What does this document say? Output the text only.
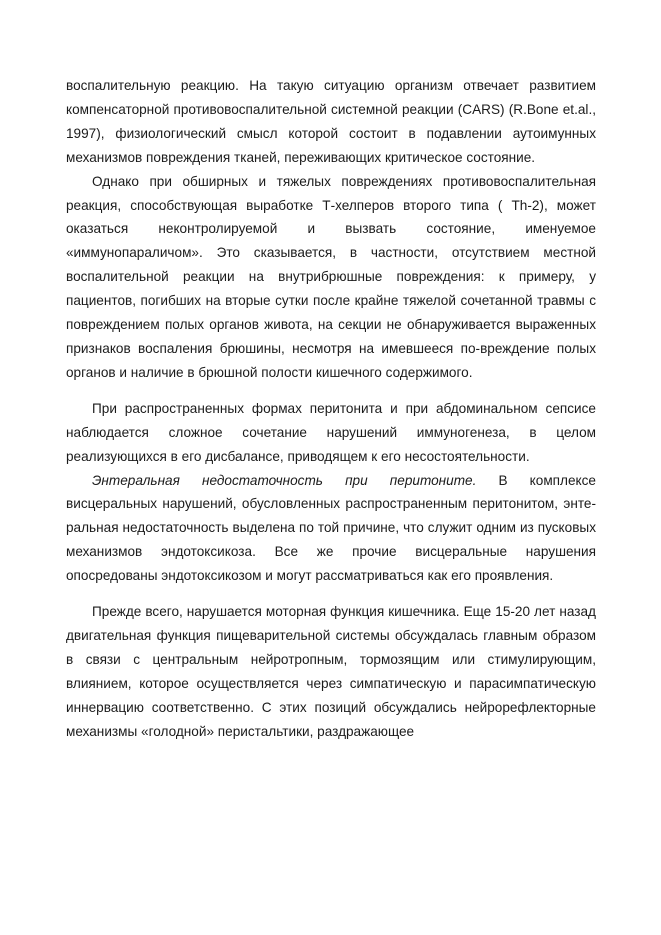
воспалительную реакцию. На такую ситуацию организм отвечает развитием компенсаторной противовоспалительной системной реакции (CARS) (R.Bone et.al., 1997), физиологический смысл которой состоит в подавлении аутоимунных механизмов повреждения тканей, переживающих критическое состояние.

Однако при обширных и тяжелых повреждениях противовоспалительная реакция, способствующая выработке Т-хелперов второго типа ( Th-2), может оказаться неконтролируемой и вызвать состояние, именуемое «иммунопараличом». Это сказывается, в частности, отсутствием местной воспалительной реакции на внутрибрюшные повреждения: к примеру, у пациентов, погибших на вторые сутки после крайне тяжелой сочетанной травмы с повреждением полых органов живота, на секции не обнаруживается выраженных признаков воспаления брюшины, несмотря на имевшееся по-вреждение полых органов и наличие в брюшной полости кишечного содержимого.

При распространенных формах перитонита и при абдоминальном сепсисе наблюдается сложное сочетание нарушений иммуногенеза, в целом реализующихся в его дисбалансе, приводящем к его несостоятельности.

Энтеральная недостаточность при перитоните. В комплексе висцеральных нарушений, обусловленных распространенным перитонитом, энте-ральная недостаточность выделена по той причине, что служит одним из пусковых механизмов эндотоксикоза. Все же прочие висцеральные нарушения опосредованы эндотоксикозом и могут рассматриваться как его проявления.

Прежде всего, нарушается моторная функция кишечника. Еще 15-20 лет назад двигательная функция пищеварительной системы обсуждалась главным образом в связи с центральным нейротропным, тормозящим или стимулирующим, влиянием, которое осуществляется через симпатическую и парасимпатическую иннервацию соответственно. С этих позиций обсуждались нейрорефлекторные механизмы «голодной» перистальтики, раздражающее
